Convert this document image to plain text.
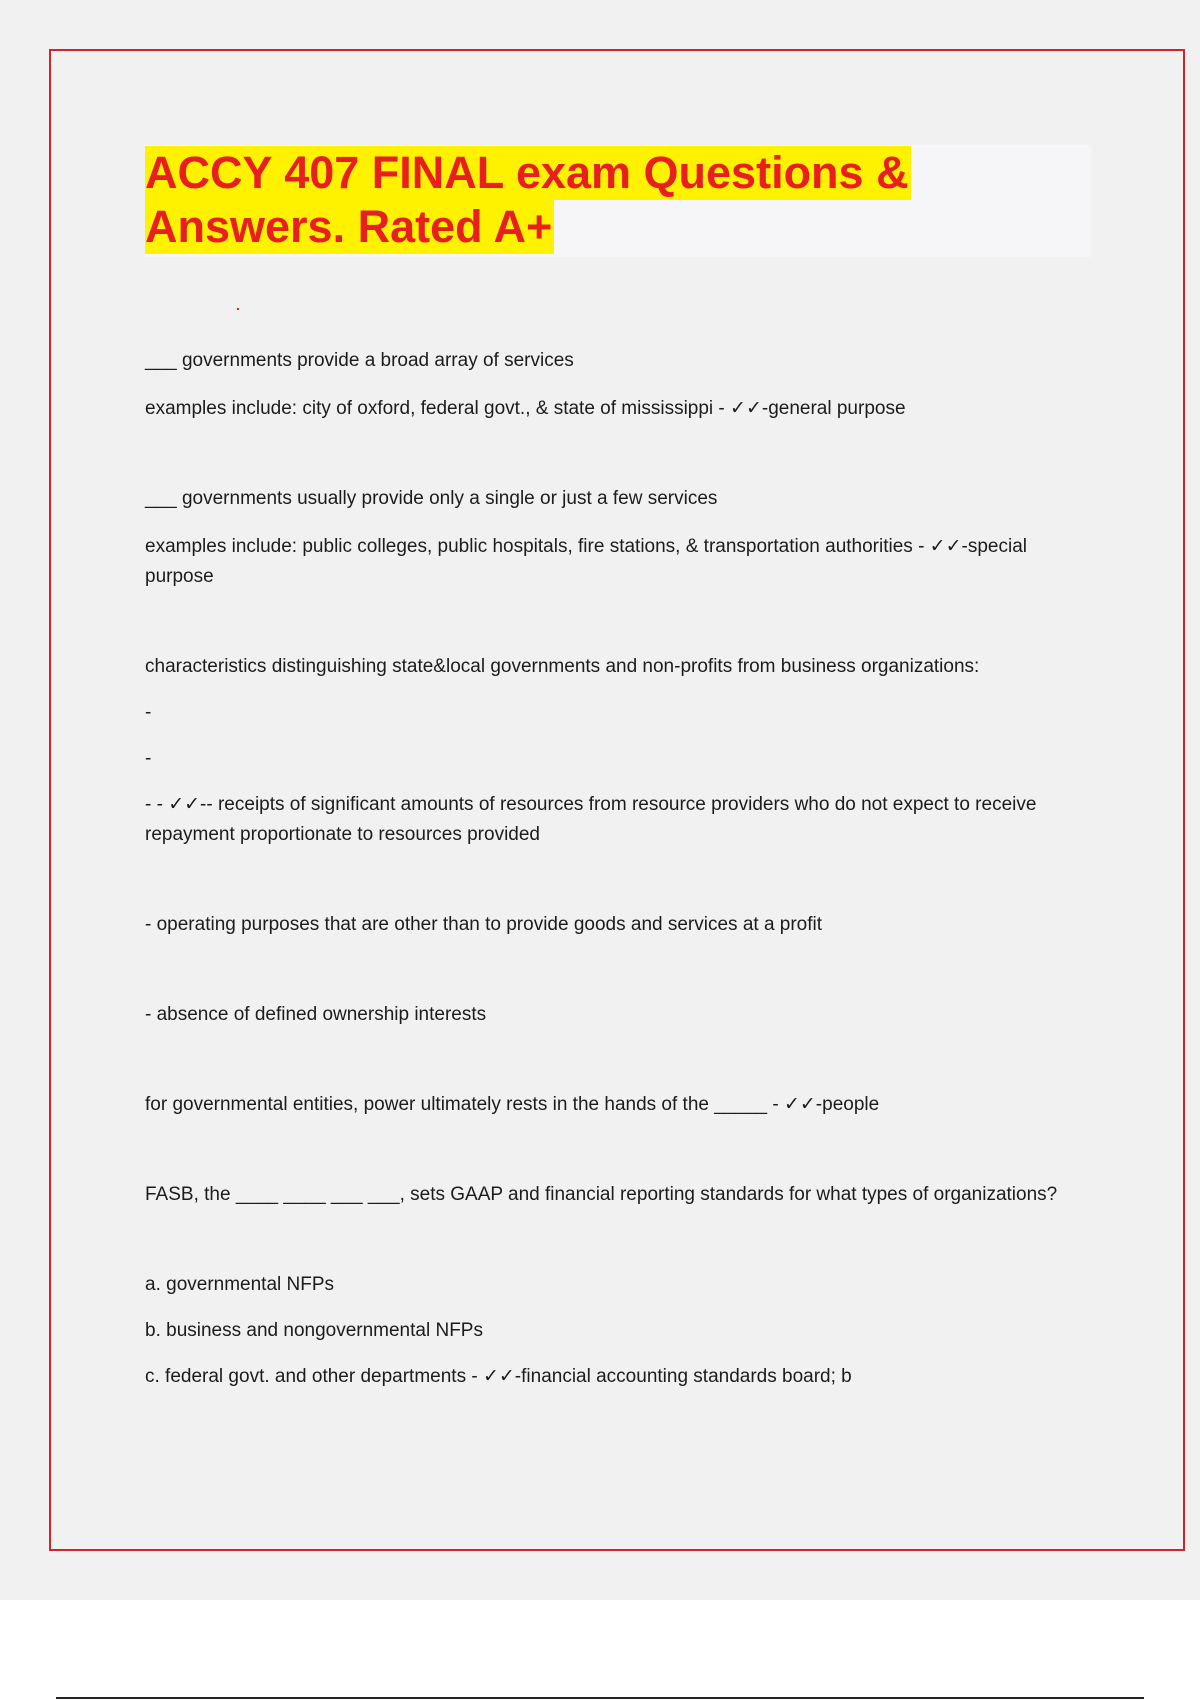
ACCY 407 FINAL exam Questions &
Answers. Rated A+

___ governments provide a broad array of services

examples include: city of oxford, federal govt., & state of mississippi - ✓✓-general purpose

___ governments usually provide only a single or just a few services

examples include: public colleges, public hospitals, fire stations, & transportation authorities - ✓✓-special purpose

characteristics distinguishing state&local governments and non-profits from business organizations:

-

-

- - ✓✓-- receipts of significant amounts of resources from resource providers who do not expect to receive repayment proportionate to resources provided

- operating purposes that are other than to provide goods and services at a profit

- absence of defined ownership interests

for governmental entities, power ultimately rests in the hands of the _____ - ✓✓-people

FASB, the ____ ____ ___ ___, sets GAAP and financial reporting standards for what types of organizations?

a. governmental NFPs

b. business and nongovernmental NFPs

c. federal govt. and other departments - ✓✓-financial accounting standards board; b
